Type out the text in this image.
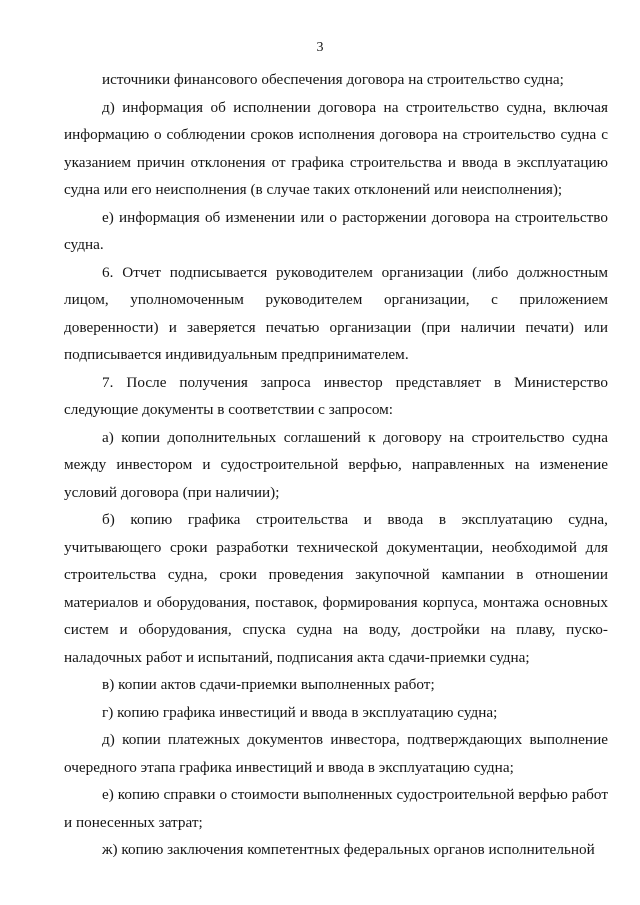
3

источники финансового обеспечения договора на строительство судна;

д) информация об исполнении договора на строительство судна, включая информацию о соблюдении сроков исполнения договора на строительство судна с указанием причин отклонения от графика строительства и ввода в эксплуатацию судна или его неисполнения (в случае таких отклонений или неисполнения);

е) информация об изменении или о расторжении договора на строительство судна.

6. Отчет подписывается руководителем организации (либо должностным лицом, уполномоченным руководителем организации, с приложением доверенности) и заверяется печатью организации (при наличии печати) или подписывается индивидуальным предпринимателем.

7. После получения запроса инвестор представляет в Министерство следующие документы в соответствии с запросом:

а) копии дополнительных соглашений к договору на строительство судна между инвестором и судостроительной верфью, направленных на изменение условий договора (при наличии);

б) копию графика строительства и ввода в эксплуатацию судна, учитывающего сроки разработки технической документации, необходимой для строительства судна, сроки проведения закупочной кампании в отношении материалов и оборудования, поставок, формирования корпуса, монтажа основных систем и оборудования, спуска судна на воду, достройки на плаву, пуско-наладочных работ и испытаний, подписания акта сдачи-приемки судна;

в) копии актов сдачи-приемки выполненных работ;

г) копию графика инвестиций и ввода в эксплуатацию судна;

д) копии платежных документов инвестора, подтверждающих выполнение очередного этапа графика инвестиций и ввода в эксплуатацию судна;

е) копию справки о стоимости выполненных судостроительной верфью работ и понесенных затрат;

ж) копию заключения компетентных федеральных органов исполнительной
